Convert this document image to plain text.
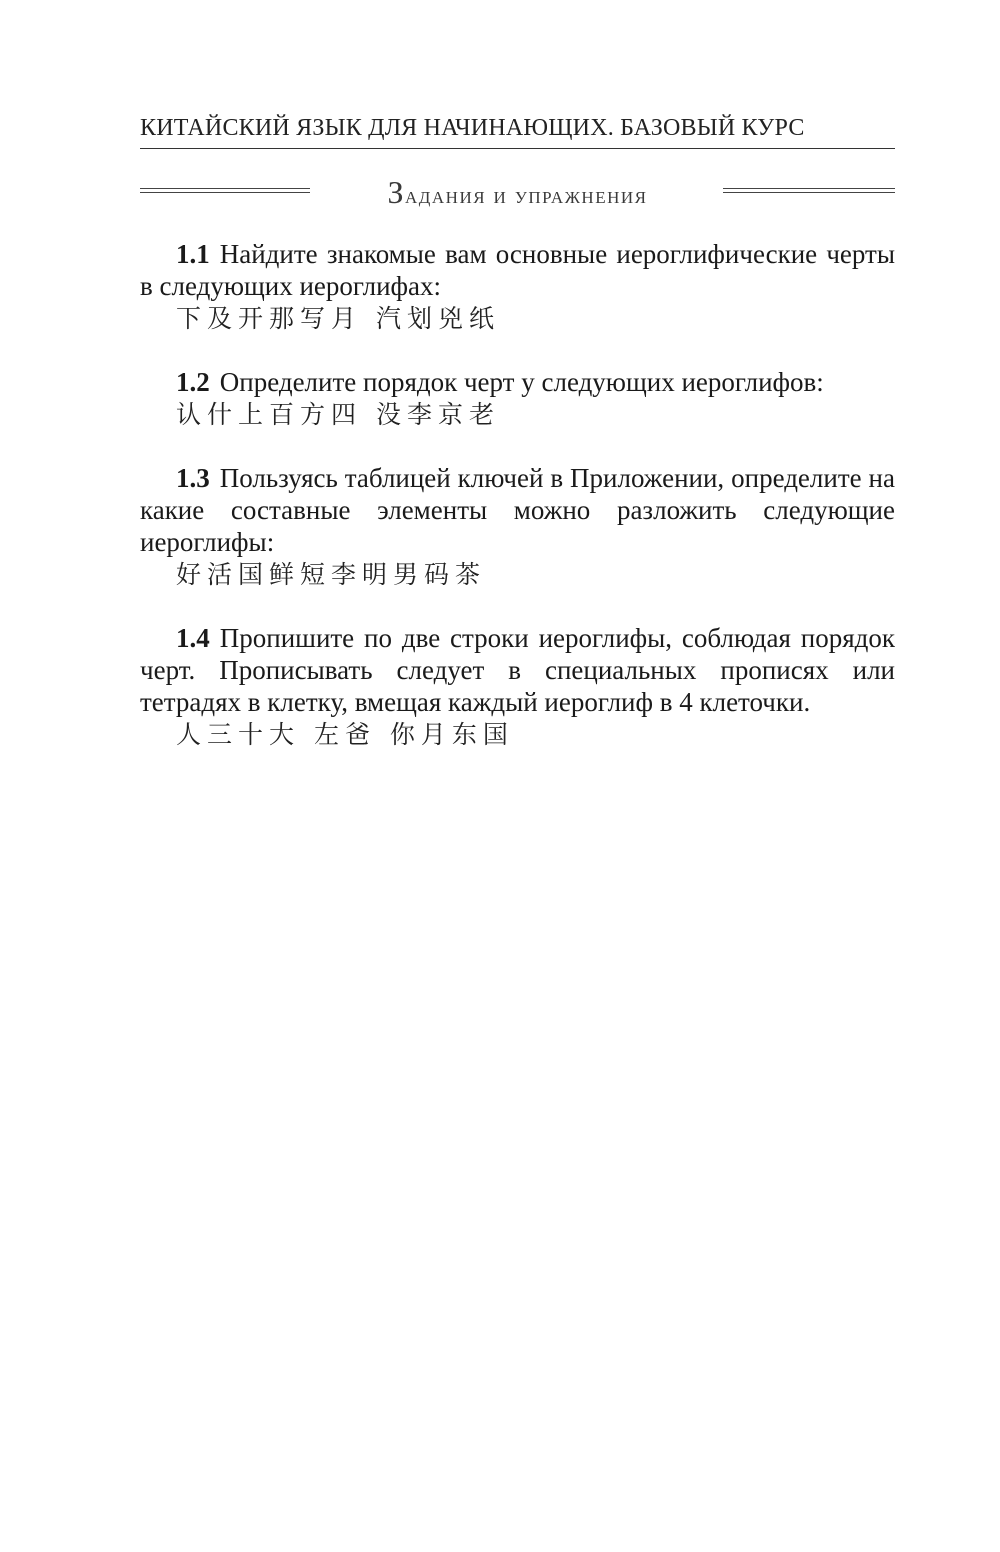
КИТАЙСКИЙ ЯЗЫК ДЛЯ НАЧИНАЮЩИХ. БАЗОВЫЙ КУРС
Задания и упражнения
1.1 Найдите знакомые вам основные иероглифические черты в следующих иероглифах:
下及开那写月 汽划兇纸
1.2 Определите порядок черт у следующих иероглифов:
认什上百方四 没李京老
1.3 Пользуясь таблицей ключей в Приложении, определите на какие составные элементы можно разложить следующие иероглифы:
好活国鲜短李明男码茶
1.4 Пропишите по две строки иероглифы, соблюдая порядок черт. Прописывать следует в специальных прописях или тетрадях в клетку, вмещая каждый иероглиф в 4 клеточки.
人三十大 左爸 你月东国
